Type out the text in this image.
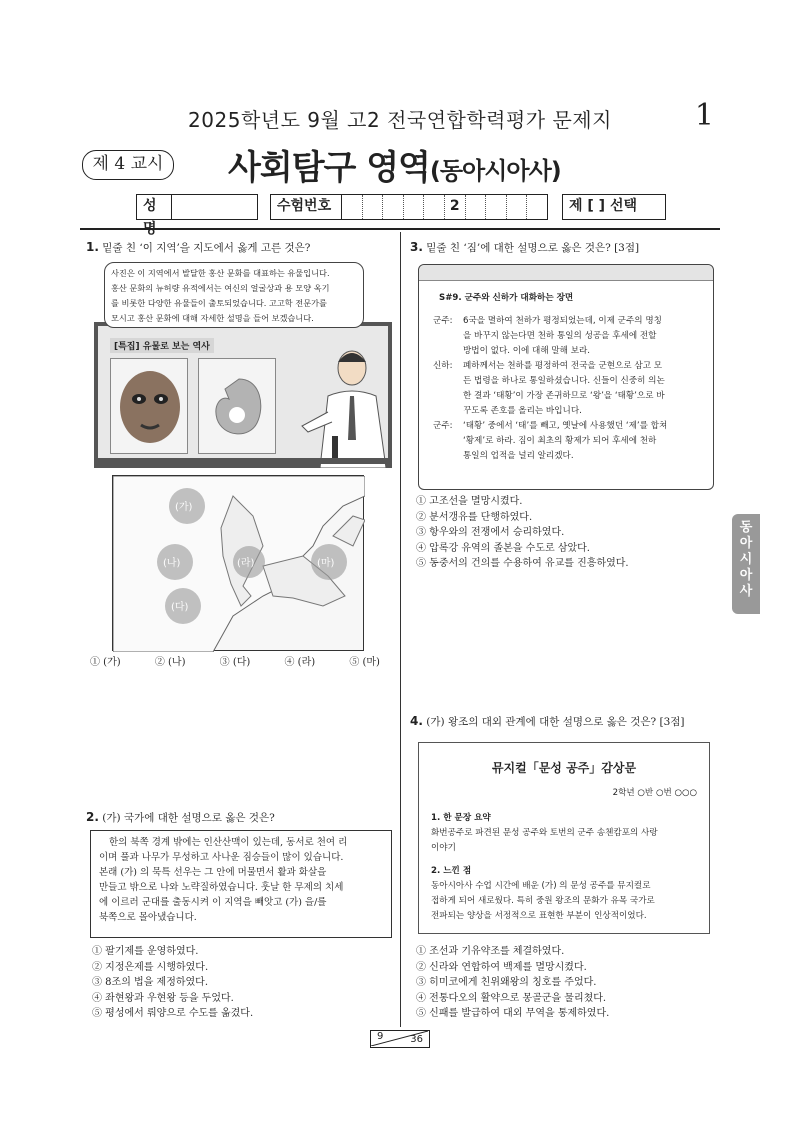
2025학년도 9월 고2 전국연합학력평가 문제지	1
제 4 교시	사회탐구 영역(동아시아사)
성명
수험번호	2	제 [ ] 선택
1. 밑줄 친 ‘이 지역’을 지도에서 옳게 고른 것은?
사진은 이 지역에서 발달한 홍산 문화를 대표하는 유물입니다.
홍산 문화의 뉴허량 유적에서는 여신의 얼굴상과 용 모양 옥기
를 비롯한 다양한 유물들이 출토되었습니다. 고고학 전문가를
모시고 홍산 문화에 대해 자세한 설명을 들어 보겠습니다.
[특집] 유물로 보는 역사
(가)
(나)
(다)
(라)	(마)
① (가)	② (나)	③ (다)	④ (라)	⑤ (마)
2. (가) 국가에 대한 설명으로 옳은 것은?
한의 북쪽 경계 밖에는 인산산맥이 있는데, 동서로 천여 리
이며 풀과 나무가 무성하고 사나운 짐승들이 많이 있습니다.
본래 (가) 의 묵특 선우는 그 안에 머물면서 활과 화살을
만들고 밖으로 나와 노략질하였습니다. 훗날 한 무제의 치세
에 이르러 군대를 출동시켜 이 지역을 빼앗고 (가) 을/를
북쪽으로 몰아냈습니다.
① 팔기제를 운영하였다.
② 지정은제를 시행하였다.
③ 8조의 법을 제정하였다.
④ 좌현왕과 우현왕 등을 두었다.
⑤ 평성에서 뤄양으로 수도를 옮겼다.
3. 밑줄 친 ‘짐’에 대한 설명으로 옳은 것은? [3점]
S#9. 군주와 신하가 대화하는 장면
군주:	6국을 멸하여 천하가 평정되었는데, 이제 군주의 명칭
을 바꾸지 않는다면 천하 통일의 성공을 후세에 전할
방법이 없다. 이에 대해 말해 보라.
신하:	폐하께서는 천하를 평정하여 전국을 군현으로 삼고 모
든 법령을 하나로 통일하셨습니다. 신들이 신중히 의논
한 결과 ‘태황’이 가장 존귀하므로 ‘왕’을 ‘태황’으로 바
꾸도록 존호를 올리는 바입니다.
군주:	‘태황’ 중에서 ‘태’를 빼고, 옛날에 사용했던 ‘제’를 합쳐
‘황제’로 하라. 짐이 최초의 황제가 되어 후세에 천하
통일의 업적을 널리 알리겠다.
① 고조선을 멸망시켰다.
② 분서갱유를 단행하였다.
③ 항우와의 전쟁에서 승리하였다.
④ 압록강 유역의 졸본을 수도로 삼았다.
⑤ 동중서의 건의를 수용하여 유교를 진흥하였다.
4. (가) 왕조의 대외 관계에 대한 설명으로 옳은 것은? [3점]
뮤지컬「문성 공주」감상문
2학년 ○반 ○번 ○○○
1. 한 문장 요약
화번공주로 파견된 문성 공주와 토번의 군주 송첸캄포의 사랑
이야기
2. 느낀 점
동아시아사 수업 시간에 배운 (가) 의 문성 공주를 뮤지컬로
접하게 되어 새로웠다. 특히 중원 왕조의 문화가 유목 국가로
전파되는 양상을 서정적으로 표현한 부분이 인상적이었다.
① 조선과 기유약조를 체결하였다.
② 신라와 연합하여 백제를 멸망시켰다.
③ 히미코에게 친위왜왕의 칭호를 주었다.
④ 전통다오의 활약으로 몽골군을 물리쳤다.
⑤ 신패를 발급하여 대외 무역을 통제하였다.
동아시아사
9	36
